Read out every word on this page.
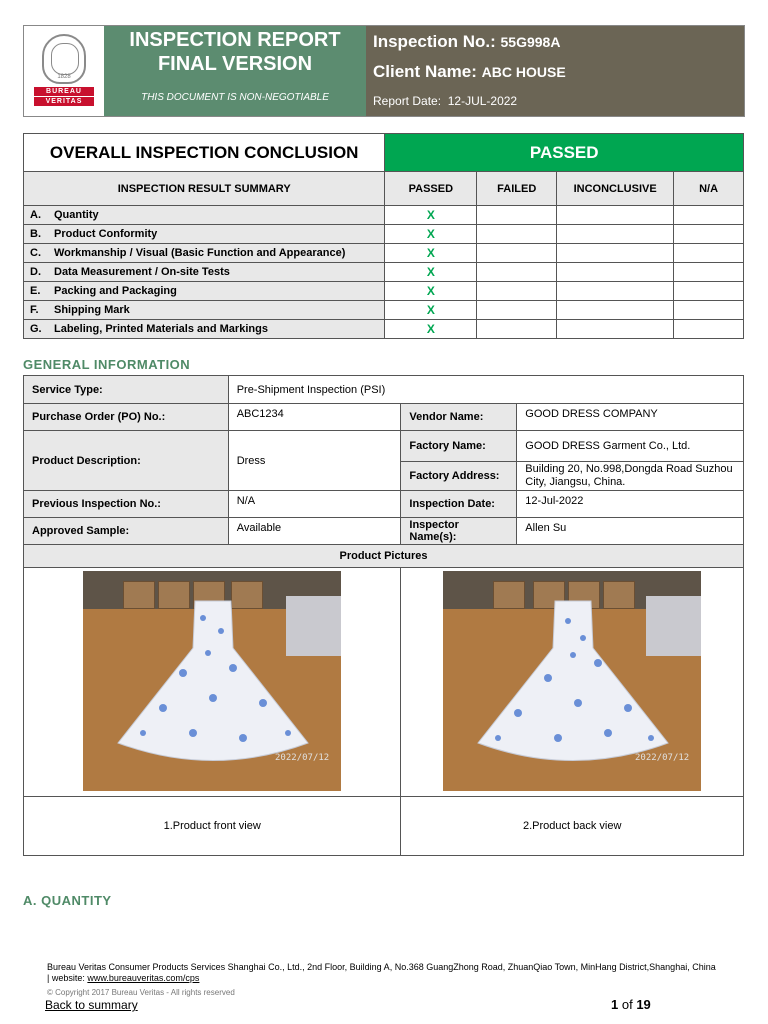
1828
BUREAU
VERITAS
INSPECTION REPORT
FINAL VERSION
THIS DOCUMENT IS NON-NEGOTIABLE
Inspection No.: 55G998A
Client Name: ABC HOUSE
Report Date: 12-JUL-2022
OVERALL INSPECTION CONCLUSION	PASSED			
INSPECTION RESULT SUMMARY	PASSED	FAILED	INCONCLUSIVE	N/A
A. Quantity	X			
B. Product Conformity	X			
C. Workmanship / Visual (Basic Function and Appearance)	X			
D. Data Measurement / On-site Tests	X			
E. Packing and Packaging	X			
F. Shipping Mark	X			
G. Labeling, Printed Materials and Markings	X			
GENERAL INFORMATION
Service Type:	Pre-Shipment Inspection (PSI)		
Purchase Order (PO) No.:	ABC1234	Vendor Name:	GOOD DRESS COMPANY
Product Description:	Dress	Factory Name:	GOOD DRESS Garment Co., Ltd.
		Factory Address:	Building 20, No.998,Dongda Road Suzhou City, Jiangsu, China.
Previous Inspection No.:	N/A	Inspection Date:	12-Jul-2022
Approved Sample:	Available	Inspector Name(s):	Allen Su
Product Pictures			

2022/07/12		2022/07/12	

1.Product front view		2.Product back view	
A. QUANTITY
Bureau Veritas Consumer Products Services Shanghai Co., Ltd., 2nd Floor, Building A, No.368 GuangZhong Road, ZhuanQiao Town, MinHang District,Shanghai, China
| website: www.bureauveritas.com/cps
© Copyright 2017 Bureau Veritas - All rights reserved
Back to summary	1 of 19
